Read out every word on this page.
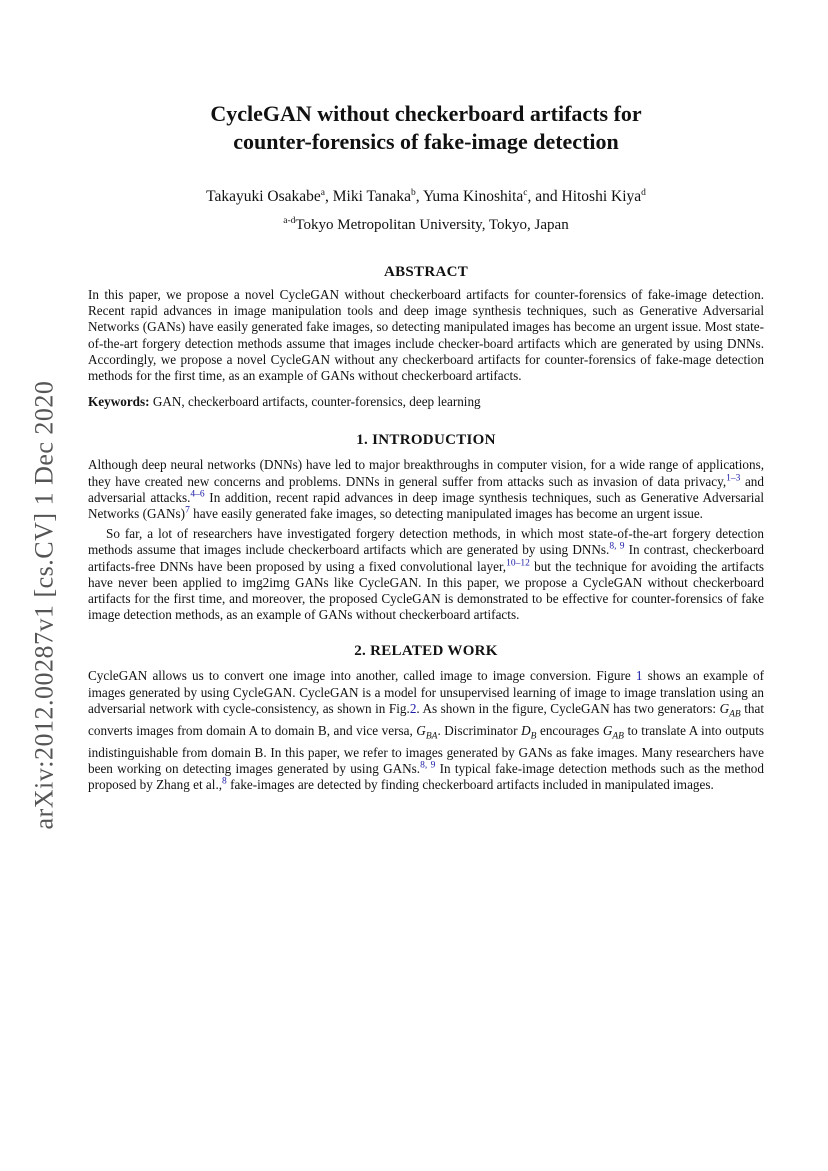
arXiv:2012.00287v1 [cs.CV] 1 Dec 2020
CycleGAN without checkerboard artifacts for
counter-forensics of fake-image detection
Takayuki Osakabe$^a$, Miki Tanaka$^b$, Yuma Kinoshita$^c$, and Hitoshi Kiya$^d$
$^{a-d}$Tokyo Metropolitan University, Tokyo, Japan
ABSTRACT

In this paper, we propose a novel CycleGAN without checkerboard artifacts for counter-forensics of fake-image detection. Recent rapid advances in image manipulation tools and deep image synthesis techniques, such as Generative Adversarial Networks (GANs) have easily generated fake images, so detecting manipulated images has become an urgent issue. Most state-of-the-art forgery detection methods assume that images include checker-board artifacts which are generated by using DNNs. Accordingly, we propose a novel CycleGAN without any checkerboard artifacts for counter-forensics of fake-mage detection methods for the first time, as an example of GANs without checkerboard artifacts.

Keywords: GAN, checkerboard artifacts, counter-forensics, deep learning

1. INTRODUCTION

Although deep neural networks (DNNs) have led to major breakthroughs in computer vision, for a wide range of applications, they have created new concerns and problems. DNNs in general suffer from attacks such as invasion of data privacy,$^{1-3}$ and adversarial attacks.$^{4-6}$ In addition, recent rapid advances in deep image synthesis techniques, such as Generative Adversarial Networks (GANs)$^7$ have easily generated fake images, so detecting manipulated images has become an urgent issue.

So far, a lot of researchers have investigated forgery detection methods, in which most state-of-the-art forgery detection methods assume that images include checkerboard artifacts which are generated by using DNNs.$^{8, 9}$ In contrast, checkerboard artifacts-free DNNs have been proposed by using a fixed convolutional layer,$^{10-12}$ but the technique for avoiding the artifacts have never been applied to img2img GANs like CycleGAN. In this paper, we propose a CycleGAN without checkerboard artifacts for the first time, and moreover, the proposed CycleGAN is demonstrated to be effective for counter-forensics of fake image detection methods, as an example of GANs without checkerboard artifacts.

2. RELATED WORK

CycleGAN allows us to convert one image into another, called image to image conversion. Figure 1 shows an example of images generated by using CycleGAN. CycleGAN is a model for unsupervised learning of image to image translation using an adversarial network with cycle-consistency, as shown in Fig.2. As shown in the figure, CycleGAN has two generators: $G_{AB}$ that converts images from domain A to domain B, and vice versa, $G_{BA}$. Discriminator $D_B$ encourages $G_{AB}$ to translate A into outputs indistinguishable from domain B. In this paper, we refer to images generated by GANs as fake images. Many researchers have been working on detecting images generated by using GANs.$^{8, 9}$ In typical fake-image detection methods such as the method proposed by Zhang et al.,$^8$ fake-images are detected by finding checkerboard artifacts included in manipulated images.
